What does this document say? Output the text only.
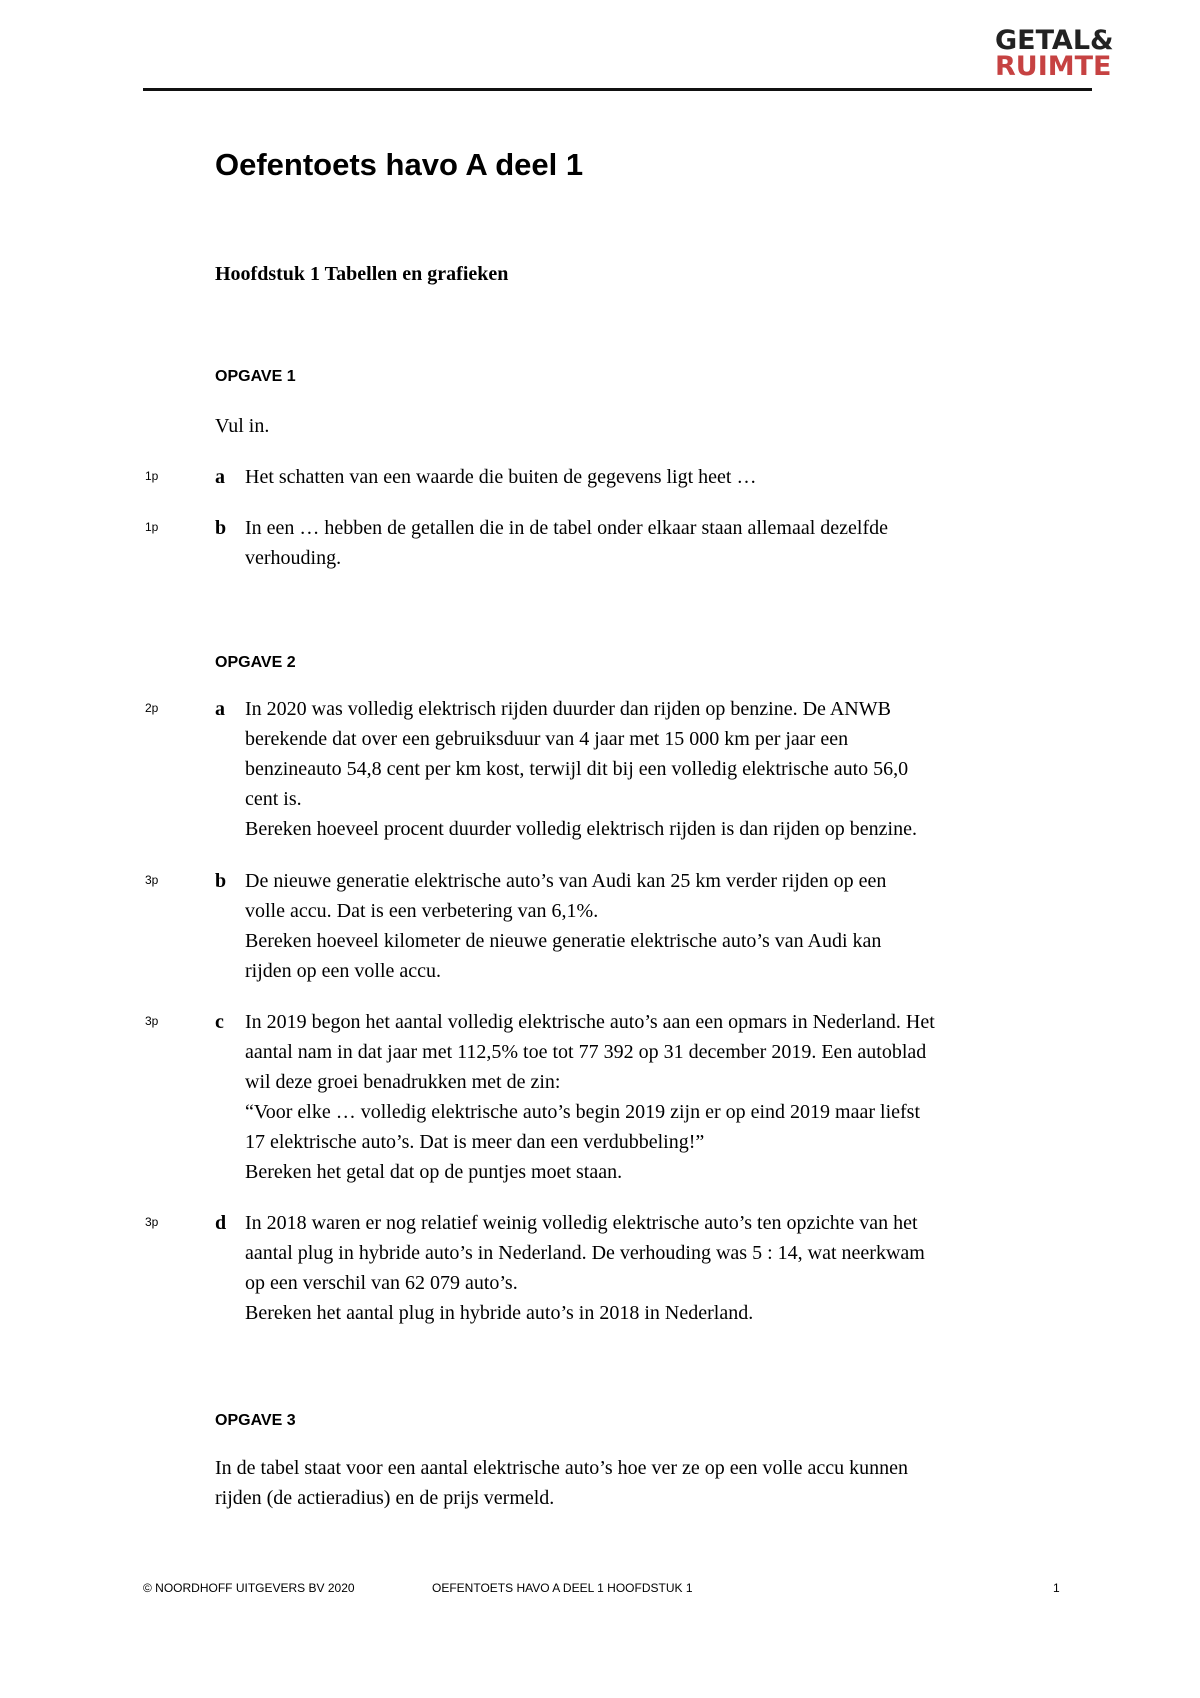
GETAL&
RUIMTE
Oefentoets havo A deel 1
Hoofdstuk 1 Tabellen en grafieken
OPGAVE 1
Vul in.
1p	a Het schatten van een waarde die buiten de gegevens ligt heet …
1p	b In een … hebben de getallen die in de tabel onder elkaar staan allemaal dezelfde
verhouding.
OPGAVE 2
2p	a In 2020 was volledig elektrisch rijden duurder dan rijden op benzine. De ANWB
berekende dat over een gebruiksduur van 4 jaar met 15 000 km per jaar een
benzineauto 54,8 cent per km kost, terwijl dit bij een volledig elektrische auto 56,0
cent is.
Bereken hoeveel procent duurder volledig elektrisch rijden is dan rijden op benzine.
3p	b De nieuwe generatie elektrische auto’s van Audi kan 25 km verder rijden op een
volle accu. Dat is een verbetering van 6,1%.
Bereken hoeveel kilometer de nieuwe generatie elektrische auto’s van Audi kan
rijden op een volle accu.
3p	c In 2019 begon het aantal volledig elektrische auto’s aan een opmars in Nederland. Het
aantal nam in dat jaar met 112,5% toe tot 77 392 op 31 december 2019. Een autoblad
wil deze groei benadrukken met de zin:
“Voor elke … volledig elektrische auto’s begin 2019 zijn er op eind 2019 maar liefst
17 elektrische auto’s. Dat is meer dan een verdubbeling!”
Bereken het getal dat op de puntjes moet staan.
3p	d In 2018 waren er nog relatief weinig volledig elektrische auto’s ten opzichte van het
aantal plug in hybride auto’s in Nederland. De verhouding was 5 : 14, wat neerkwam
op een verschil van 62 079 auto’s.
Bereken het aantal plug in hybride auto’s in 2018 in Nederland.
OPGAVE 3
In de tabel staat voor een aantal elektrische auto’s hoe ver ze op een volle accu kunnen
rijden (de actieradius) en de prijs vermeld.
© NOORDHOFF UITGEVERS BV 2020	OEFENTOETS HAVO A DEEL 1 HOOFDSTUK 1	1
